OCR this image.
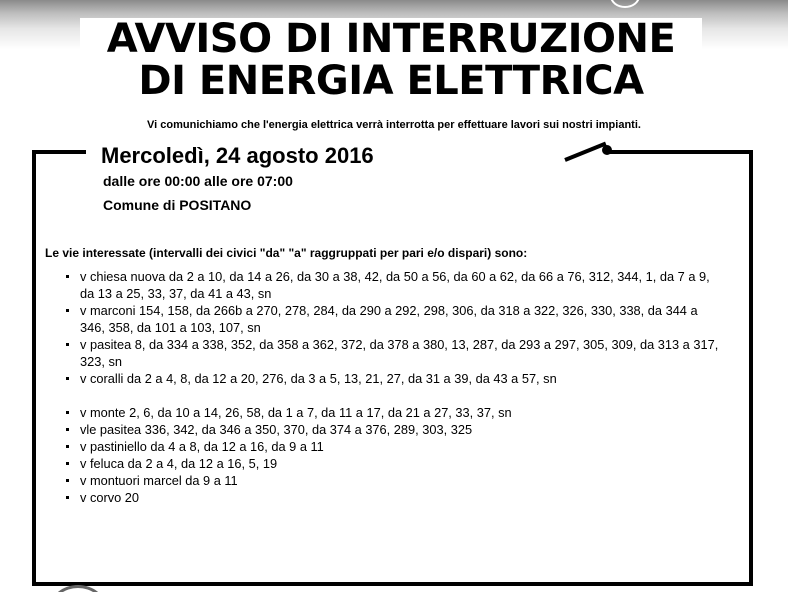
AVVISO DI INTERRUZIONE
DI ENERGIA ELETTRICA
Vi comunichiamo che l'energia elettrica verrà interrotta per effettuare lavori sui nostri impianti.
Mercoledì, 24 agosto 2016
dalle ore 00:00 alle ore 07:00
Comune di POSITANO
Le vie interessate (intervalli dei civici "da" "a" raggruppati per pari e/o dispari) sono:
v chiesa nuova da 2 a 10, da 14 a 26, da 30 a 38, 42, da 50 a 56, da 60 a 62, da 66 a 76, 312, 344, 1, da 7 a 9, da 13 a 25, 33, 37, da 41 a 43, sn
v marconi 154, 158, da 266b a 270, 278, 284, da 290 a 292, 298, 306, da 318 a 322, 326, 330, 338, da 344 a 346, 358, da 101 a 103, 107, sn
v pasitea 8, da 334 a 338, 352, da 358 a 362, 372, da 378 a 380, 13, 287, da 293 a 297, 305, 309, da 313 a 317, 323, sn
v coralli da 2 a 4, 8, da 12 a 20, 276, da 3 a 5, 13, 21, 27, da 31 a 39, da 43 a 57, sn
v monte 2, 6, da 10 a 14, 26, 58, da 1 a 7, da 11 a 17, da 21 a 27, 33, 37, sn
vle pasitea 336, 342, da 346 a 350, 370, da 374 a 376, 289, 303, 325
v pastiniello da 4 a 8, da 12 a 16, da 9 a 11
v feluca da 2 a 4, da 12 a 16, 5, 19
v montuori marcel da 9 a 11
v corvo 20
